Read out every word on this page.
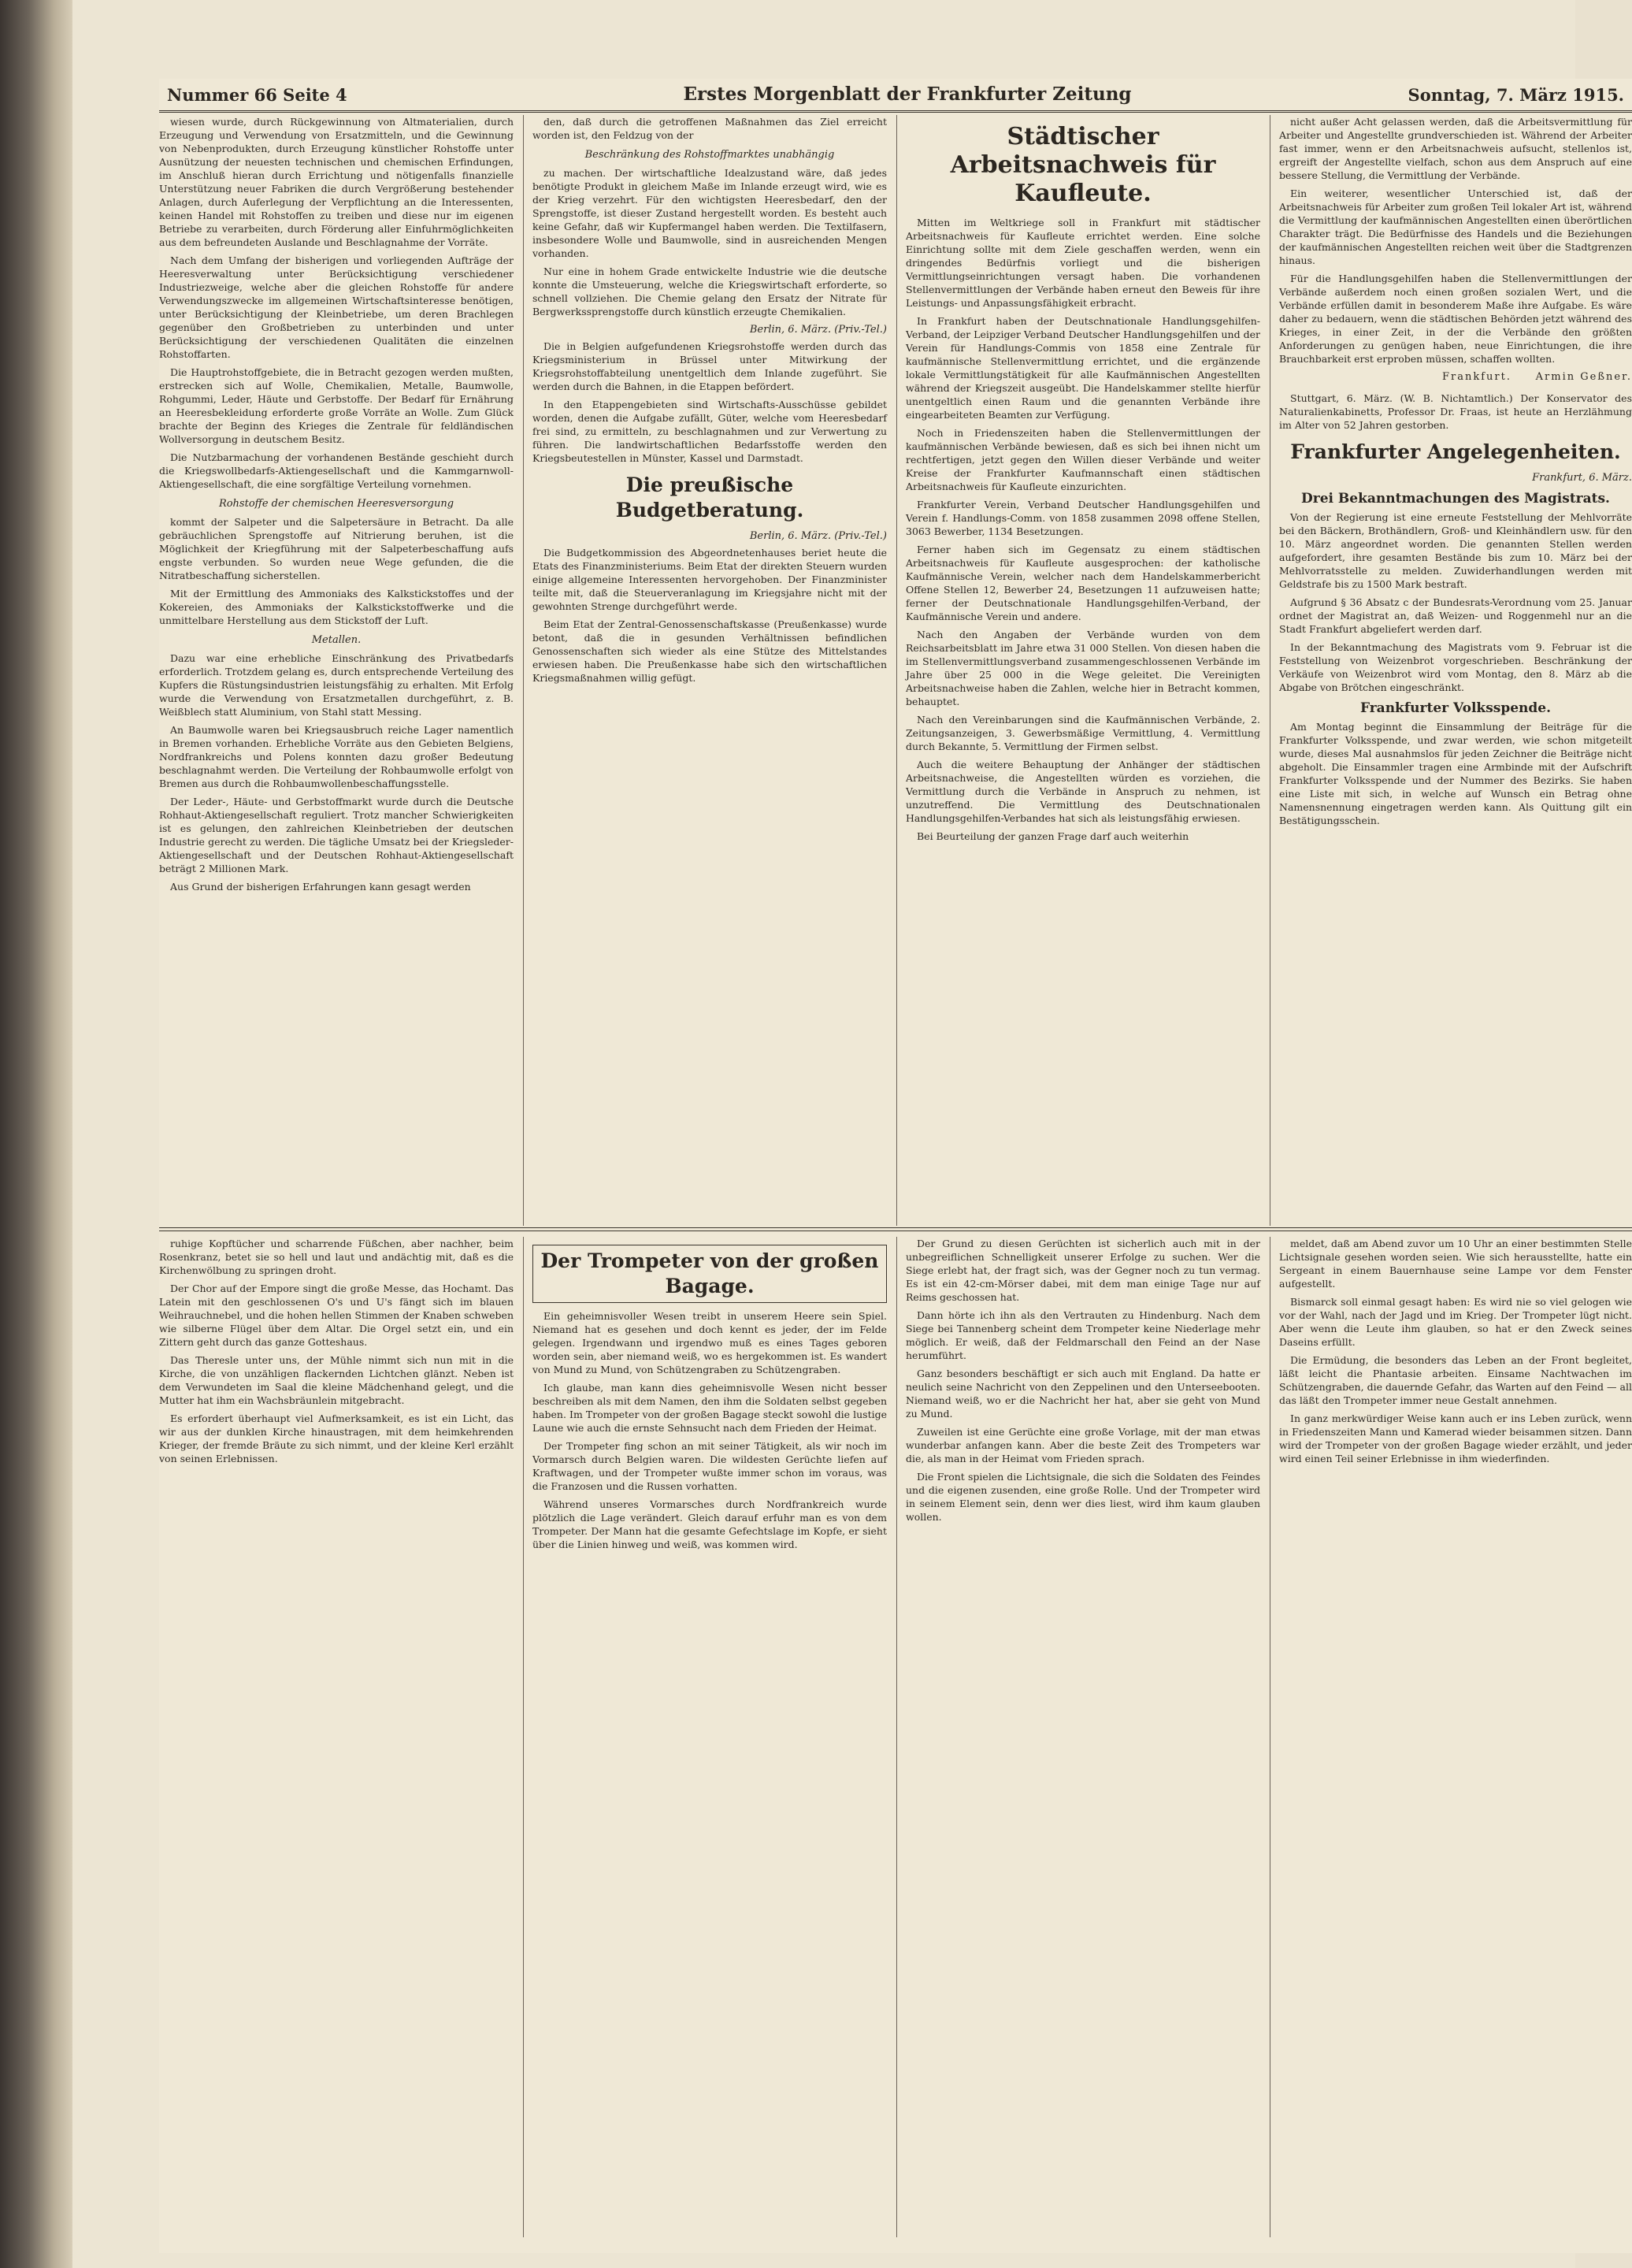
Nummer 66 Seite 4	Erstes Morgenblatt der Frankfurter Zeitung	Sonntag, 7. März 1915.

wiesen wurde, durch Rückgewinnung von Altmaterialien, durch Erzeugung und Verwendung von Ersatzmitteln, und die Gewinnung von Nebenprodukten, durch Erzeugung künstlicher Rohstoffe unter Ausnützung der neuesten technischen und chemischen Erfindungen, im Anschluß hieran durch Errichtung und nötigenfalls finanzielle Unterstützung neuer Fabriken die durch Vergrößerung bestehender Anlagen, durch Auferlegung der Verpflichtung an die Interessenten, keinen Handel mit Rohstoffen zu treiben und diese nur im eigenen Betriebe zu verarbeiten, durch Förderung aller Einfuhrmöglichkeiten aus dem befreundeten Auslande und Beschlagnahme der Vorräte.

Nach dem Umfang der bisherigen und vorliegenden Aufträge der Heeresverwaltung unter Berücksichtigung verschiedener Industriezweige, welche aber die gleichen Rohstoffe für andere Verwendungszwecke im allgemeinen Wirtschaftsinteresse benötigen, unter Berücksichtigung der Kleinbetriebe, um deren Brachlegen gegenüber den Großbetrieben zu unterbinden und unter Berücksichtigung der verschiedenen Qualitäten die einzelnen Rohstoffarten.

Die Hauptrohstoffgebiete, die in Betracht gezogen werden mußten, erstrecken sich auf Wolle, Chemikalien, Metalle, Baumwolle, Rohgummi, Leder, Häute und Gerbstoffe. Der Bedarf für Ernährung an Heeresbekleidung erforderte große Vorräte an Wolle. Zum Glück brachte der Beginn des Krieges die Zentrale für feldländischen Wollversorgung in deutschem Besitz.

Die Nutzbarmachung der vorhandenen Bestände geschieht durch die Kriegswollbedarfs-Aktiengesellschaft und die Kammgarnwoll-Aktiengesellschaft, die eine sorgfältige Verteilung vornehmen.

Rohstoffe der chemischen Heeresversorgung

kommt der Salpeter und die Salpetersäure in Betracht. Da alle gebräuchlichen Sprengstoffe auf Nitrierung beruhen, ist die Möglichkeit der Kriegführung mit der Salpeterbeschaffung aufs engste verbunden. So wurden neue Wege gefunden, die die Nitratbeschaffung sicherstellen.

Mit der Ermittlung des Ammoniaks des Kalkstickstoffes und der Kokereien, des Ammoniaks der Kalkstickstoffwerke und die unmittelbare Herstellung aus dem Stickstoff der Luft.

Metallen.

Dazu war eine erhebliche Einschränkung des Privatbedarfs erforderlich. Trotzdem gelang es, durch entsprechende Verteilung des Kupfers die Rüstungsindustrien leistungsfähig zu erhalten. Mit Erfolg wurde die Verwendung von Ersatzmetallen durchgeführt, z. B. Weißblech statt Aluminium, von Stahl statt Messing.

An Baumwolle waren bei Kriegsausbruch reiche Lager namentlich in Bremen vorhanden. Erhebliche Vorräte aus den Gebieten Belgiens, Nordfrankreichs und Polens konnten dazu großer Bedeutung beschlagnahmt werden. Die Verteilung der Rohbaumwolle erfolgt von Bremen aus durch die Rohbaumwollenbeschaffungsstelle.

Der Leder-, Häute- und Gerbstoffmarkt wurde durch die Deutsche Rohhaut-Aktiengesellschaft reguliert. Trotz mancher Schwierigkeiten ist es gelungen, den zahlreichen Kleinbetrieben der deutschen Industrie gerecht zu werden. Die tägliche Umsatz bei der Kriegsleder-Aktiengesellschaft und der Deutschen Rohhaut-Aktiengesellschaft beträgt 2 Millionen Mark.

Aus Grund der bisherigen Erfahrungen kann gesagt werden

den, daß durch die getroffenen Maßnahmen das Ziel erreicht worden ist, den Feldzug von der

Beschränkung des Rohstoffmarktes unabhängig

zu machen. Der wirtschaftliche Idealzustand wäre, daß jedes benötigte Produkt in gleichem Maße im Inlande erzeugt wird, wie es der Krieg verzehrt. Für den wichtigsten Heeresbedarf, den der Sprengstoffe, ist dieser Zustand hergestellt worden. Es besteht auch keine Gefahr, daß wir Kupfermangel haben werden. Die Textilfasern, insbesondere Wolle und Baumwolle, sind in ausreichenden Mengen vorhanden.

Nur eine in hohem Grade entwickelte Industrie wie die deutsche konnte die Umsteuerung, welche die Kriegswirtschaft erforderte, so schnell vollziehen. Die Chemie gelang den Ersatz der Nitrate für Bergwerkssprengstoffe durch künstlich erzeugte Chemikalien.

Berlin, 6. März. (Priv.-Tel.)

Die in Belgien aufgefundenen Kriegsrohstoffe werden durch das Kriegsministerium in Brüssel unter Mitwirkung der Kriegsrohstoffabteilung unentgeltlich dem Inlande zugeführt. Sie werden durch die Bahnen, in die Etappen befördert.

In den Etappengebieten sind Wirtschafts-Ausschüsse gebildet worden, denen die Aufgabe zufällt, Güter, welche vom Heeresbedarf frei sind, zu ermitteln, zu beschlagnahmen und zur Verwertung zu führen. Die landwirtschaftlichen Bedarfsstoffe werden den Kriegsbeutestellen in Münster, Kassel und Darmstadt.

Die preußische Budgetberatung.
Berlin, 6. März. (Priv.-Tel.)

Die Budgetkommission des Abgeordnetenhauses beriet heute die Etats des Finanzministeriums. Beim Etat der direkten Steuern wurden einige allgemeine Interessenten hervorgehoben. Der Finanzminister teilte mit, daß die Steuerveranlagung im Kriegsjahre nicht mit der gewohnten Strenge durchgeführt werde.

Beim Etat der Zentral-Genossenschaftskasse (Preußenkasse) wurde betont, daß die in gesunden Verhältnissen befindlichen Genossenschaften sich wieder als eine Stütze des Mittelstandes erwiesen haben. Die Preußenkasse habe sich den wirtschaftlichen Kriegsmaßnahmen willig gefügt.

Städtischer Arbeitsnachweis für Kaufleute.

Mitten im Weltkriege soll in Frankfurt mit städtischer Arbeitsnachweis für Kaufleute errichtet werden. Eine solche Einrichtung sollte mit dem Ziele geschaffen werden, wenn ein dringendes Bedürfnis vorliegt und die bisherigen Vermittlungseinrichtungen versagt haben. Die vorhandenen Stellenvermittlungen der Verbände haben erneut den Beweis für ihre Leistungs- und Anpassungsfähigkeit erbracht.

In Frankfurt haben der Deutschnationale Handlungsgehilfen-Verband, der Leipziger Verband Deutscher Handlungsgehilfen und der Verein für Handlungs-Commis von 1858 eine Zentrale für kaufmännische Stellenvermittlung errichtet, und die ergänzende lokale Vermittlungstätigkeit für alle Kaufmännischen Angestellten während der Kriegszeit ausgeübt. Die Handelskammer stellte hierfür unentgeltlich einen Raum und die genannten Verbände ihre eingearbeiteten Beamten zur Verfügung.

Noch in Friedenszeiten haben die Stellenvermittlungen der kaufmännischen Verbände bewiesen, daß es sich bei ihnen nicht um rechtfertigen, jetzt gegen den Willen dieser Verbände und weiter Kreise der Frankfurter Kaufmannschaft einen städtischen Arbeitsnachweis für Kaufleute einzurichten.

Frankfurter Verein, Verband Deutscher Handlungsgehilfen und Verein f. Handlungs-Comm. von 1858 zusammen 2098 offene Stellen, 3063 Bewerber, 1134 Besetzungen.

Ferner haben sich im Gegensatz zu einem städtischen Arbeitsnachweis für Kaufleute ausgesprochen: der katholische Kaufmännische Verein, welcher nach dem Handelskammerbericht Offene Stellen 12, Bewerber 24, Besetzungen 11 aufzuweisen hatte; ferner der Deutschnationale Handlungsgehilfen-Verband, der Kaufmännische Verein und andere.

Nach den Angaben der Verbände wurden von dem Reichsarbeitsblatt im Jahre etwa 31 000 Stellen. Von diesen haben die im Stellenvermittlungsverband zusammengeschlossenen Verbände im Jahre über 25 000 in die Wege geleitet. Die Vereinigten Arbeitsnachweise haben die Zahlen, welche hier in Betracht kommen, behauptet.

Nach den Vereinbarungen sind die Kaufmännischen Verbände, 2. Zeitungsanzeigen, 3. Gewerbsmäßige Vermittlung, 4. Vermittlung durch Bekannte, 5. Vermittlung der Firmen selbst.

Auch die weitere Behauptung der Anhänger der städtischen Arbeitsnachweise, die Angestellten würden es vorziehen, die Vermittlung durch die Verbände in Anspruch zu nehmen, ist unzutreffend. Die Vermittlung des Deutschnationalen Handlungsgehilfen-Verbandes hat sich als leistungsfähig erwiesen.

Bei Beurteilung der ganzen Frage darf auch weiterhin

nicht außer Acht gelassen werden, daß die Arbeitsvermittlung für Arbeiter und Angestellte grundverschieden ist. Während der Arbeiter fast immer, wenn er den Arbeitsnachweis aufsucht, stellenlos ist, ergreift der Angestellte vielfach, schon aus dem Anspruch auf eine bessere Stellung, die Vermittlung der Verbände.

Ein weiterer, wesentlicher Unterschied ist, daß der Arbeitsnachweis für Arbeiter zum großen Teil lokaler Art ist, während die Vermittlung der kaufmännischen Angestellten einen überörtlichen Charakter trägt. Die Bedürfnisse des Handels und die Beziehungen der kaufmännischen Angestellten reichen weit über die Stadtgrenzen hinaus.

Für die Handlungsgehilfen haben die Stellenvermittlungen der Verbände außerdem noch einen großen sozialen Wert, und die Verbände erfüllen damit in besonderem Maße ihre Aufgabe. Es wäre daher zu bedauern, wenn die städtischen Behörden jetzt während des Krieges, in einer Zeit, in der die Verbände den größten Anforderungen zu genügen haben, neue Einrichtungen, die ihre Brauchbarkeit erst erproben müssen, schaffen wollten.

Frankfurt. Armin Geßner.

Stuttgart, 6. März. (W. B. Nichtamtlich.) Der Konservator des Naturalienkabinetts, Professor Dr. Fraas, ist heute an Herzlähmung im Alter von 52 Jahren gestorben.

Frankfurter Angelegenheiten.
Frankfurt, 6. März.
Drei Bekanntmachungen des Magistrats.

Von der Regierung ist eine erneute Feststellung der Mehlvorräte bei den Bäckern, Brothändlern, Groß- und Kleinhändlern usw. für den 10. März angeordnet worden. Die genannten Stellen werden aufgefordert, ihre gesamten Bestände bis zum 10. März bei der Mehlvorratsstelle zu melden. Zuwiderhandlungen werden mit Geldstrafe bis zu 1500 Mark bestraft.

Aufgrund § 36 Absatz c der Bundesrats-Verordnung vom 25. Januar ordnet der Magistrat an, daß Weizen- und Roggenmehl nur an die Stadt Frankfurt abgeliefert werden darf.

In der Bekanntmachung des Magistrats vom 9. Februar ist die Feststellung von Weizenbrot vorgeschrieben. Beschränkung der Verkäufe von Weizenbrot wird vom Montag, den 8. März ab die Abgabe von Brötchen eingeschränkt.

Frankfurter Volksspende.

Am Montag beginnt die Einsammlung der Beiträge für die Frankfurter Volksspende, und zwar werden, wie schon mitgeteilt wurde, dieses Mal ausnahmslos für jeden Zeichner die Beiträge nicht abgeholt. Die Einsammler tragen eine Armbinde mit der Aufschrift Frankfurter Volksspende und der Nummer des Bezirks. Sie haben eine Liste mit sich, in welche auf Wunsch ein Betrag ohne Namensnennung eingetragen werden kann. Als Quittung gilt ein Bestätigungsschein.

ruhige Kopftücher und scharrende Füßchen, aber nachher, beim Rosenkranz, betet sie so hell und laut und andächtig mit, daß es die Kirchenwölbung zu springen droht.

Der Chor auf der Empore singt die große Messe, das Hochamt. Das Latein mit den geschlossenen O's und U's fängt sich im blauen Weihrauchnebel, und die hohen hellen Stimmen der Knaben schweben wie silberne Flügel über dem Altar. Die Orgel setzt ein, und ein Zittern geht durch das ganze Gotteshaus.

Das Theresle unter uns, der Mühle nimmt sich nun mit in die Kirche, die von unzähligen flackernden Lichtchen glänzt. Neben ist dem Verwundeten im Saal die kleine Mädchenhand gelegt, und die Mutter hat ihm ein Wachsbräunlein mitgebracht.

Es erfordert überhaupt viel Aufmerksamkeit, es ist ein Licht, das wir aus der dunklen Kirche hinaustragen, mit dem heimkehrenden Krieger, der fremde Bräute zu sich nimmt, und der kleine Kerl erzählt von seinen Erlebnissen.

Der Trompeter von der großen Bagage.

Ein geheimnisvoller Wesen treibt in unserem Heere sein Spiel. Niemand hat es gesehen und doch kennt es jeder, der im Felde gelegen. Irgendwann und irgendwo muß es eines Tages geboren worden sein, aber niemand weiß, wo es hergekommen ist. Es wandert von Mund zu Mund, von Schützengraben zu Schützengraben.

Ich glaube, man kann dies geheimnisvolle Wesen nicht besser beschreiben als mit dem Namen, den ihm die Soldaten selbst gegeben haben. Im Trompeter von der großen Bagage steckt sowohl die lustige Laune wie auch die ernste Sehnsucht nach dem Frieden der Heimat.

Der Trompeter fing schon an mit seiner Tätigkeit, als wir noch im Vormarsch durch Belgien waren. Die wildesten Gerüchte liefen auf Kraftwagen, und der Trompeter wußte immer schon im voraus, was die Franzosen und die Russen vorhatten.

Während unseres Vormarsches durch Nordfrankreich wurde plötzlich die Lage verändert. Gleich darauf erfuhr man es von dem Trompeter. Der Mann hat die gesamte Gefechtslage im Kopfe, er sieht über die Linien hinweg und weiß, was kommen wird.

Der Grund zu diesen Gerüchten ist sicherlich auch mit in der unbegreiflichen Schnelligkeit unserer Erfolge zu suchen. Wer die Siege erlebt hat, der fragt sich, was der Gegner noch zu tun vermag. Es ist ein 42-cm-Mörser dabei, mit dem man einige Tage nur auf Reims geschossen hat.

Dann hörte ich ihn als den Vertrauten zu Hindenburg. Nach dem Siege bei Tannenberg scheint dem Trompeter keine Niederlage mehr möglich. Er weiß, daß der Feldmarschall den Feind an der Nase herumführt.

Ganz besonders beschäftigt er sich auch mit England. Da hatte er neulich seine Nachricht von den Zeppelinen und den Unterseebooten. Niemand weiß, wo er die Nachricht her hat, aber sie geht von Mund zu Mund.

Zuweilen ist eine Gerüchte eine große Vorlage, mit der man etwas wunderbar anfangen kann. Aber die beste Zeit des Trompeters war die, als man in der Heimat vom Frieden sprach.

Die Front spielen die Lichtsignale, die sich die Soldaten des Feindes und die eigenen zusenden, eine große Rolle. Und der Trompeter wird in seinem Element sein, denn wer dies liest, wird ihm kaum glauben wollen.

meldet, daß am Abend zuvor um 10 Uhr an einer bestimmten Stelle Lichtsignale gesehen worden seien. Wie sich herausstellte, hatte ein Sergeant in einem Bauernhause seine Lampe vor dem Fenster aufgestellt.

Bismarck soll einmal gesagt haben: Es wird nie so viel gelogen wie vor der Wahl, nach der Jagd und im Krieg. Der Trompeter lügt nicht. Aber wenn die Leute ihm glauben, so hat er den Zweck seines Daseins erfüllt.

Die Ermüdung, die besonders das Leben an der Front begleitet, läßt leicht die Phantasie arbeiten. Einsame Nachtwachen im Schützengraben, die dauernde Gefahr, das Warten auf den Feind — all das läßt den Trompeter immer neue Gestalt annehmen.

In ganz merkwürdiger Weise kann auch er ins Leben zurück, wenn in Friedenszeiten Mann und Kamerad wieder beisammen sitzen. Dann wird der Trompeter von der großen Bagage wieder erzählt, und jeder wird einen Teil seiner Erlebnisse in ihm wiederfinden.
